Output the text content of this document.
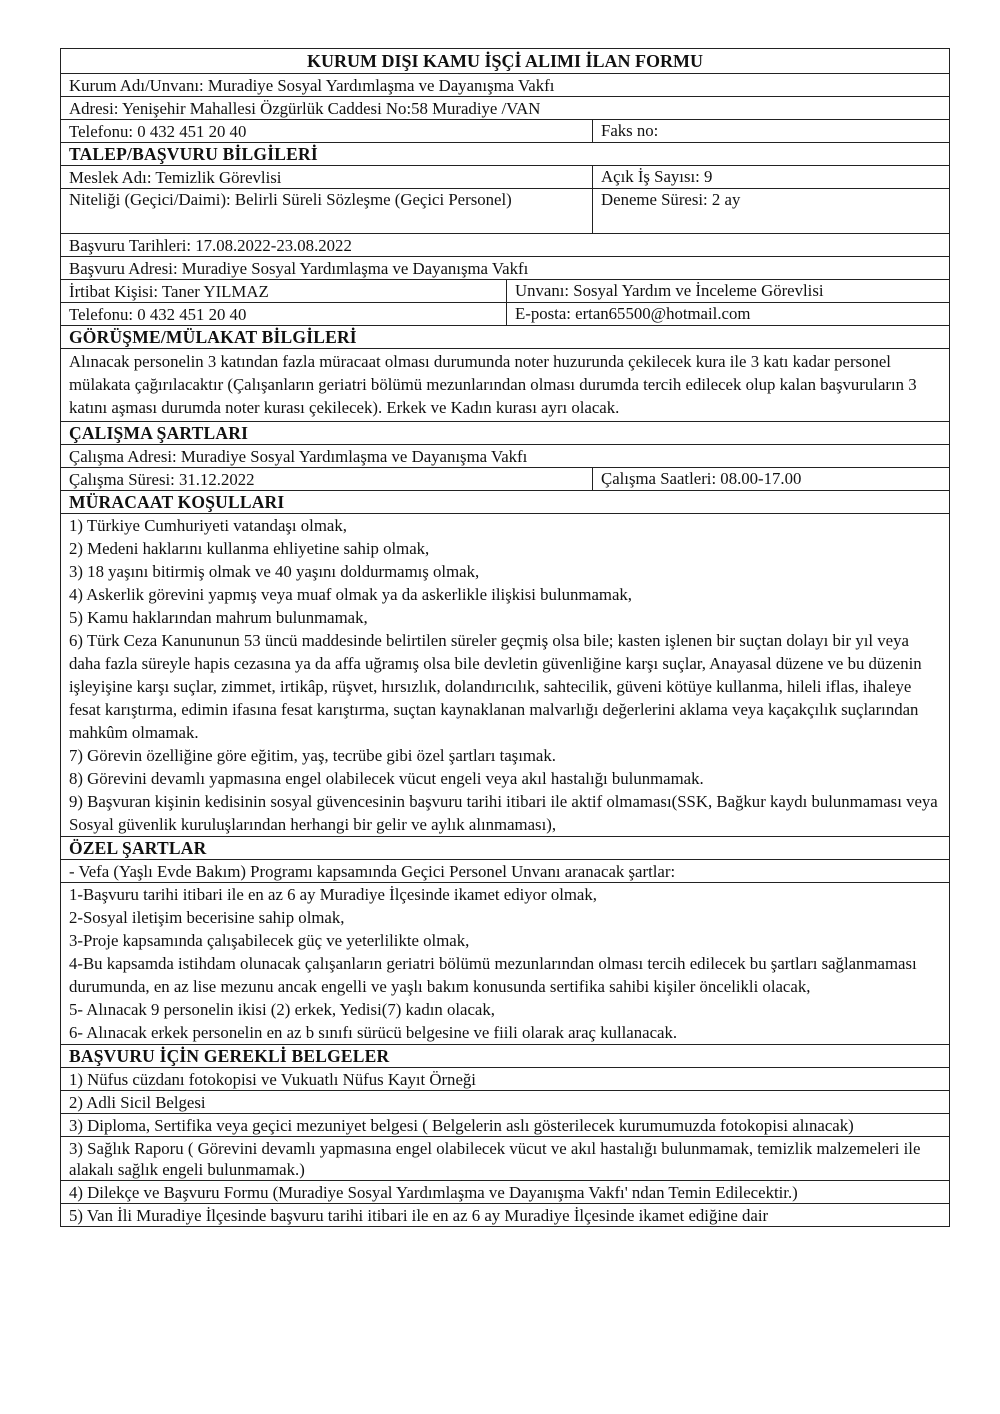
KURUM DIŞI KAMU İŞÇİ ALIMI İLAN FORMU
Kurum Adı/Unvanı: Muradiye Sosyal Yardımlaşma ve Dayanışma Vakfı
Adresi: Yenişehir Mahallesi Özgürlük Caddesi No:58 Muradiye /VAN
Telefonu: 0 432 451 20 40	Faks no:
TALEP/BAŞVURU BİLGİLERİ
Meslek Adı: Temizlik Görevlisi	Açık İş Sayısı: 9
Niteliği (Geçici/Daimi): Belirli Süreli Sözleşme (Geçici Personel)	Deneme Süresi: 2 ay
Başvuru Tarihleri: 17.08.2022-23.08.2022
Başvuru Adresi: Muradiye Sosyal Yardımlaşma ve Dayanışma Vakfı
İrtibat Kişisi: Taner YILMAZ	Unvanı: Sosyal Yardım ve İnceleme Görevlisi
Telefonu: 0 432 451 20 40	E-posta: ertan65500@hotmail.com
GÖRÜŞME/MÜLAKAT BİLGİLERİ
Alınacak personelin 3 katından fazla müracaat olması durumunda noter huzurunda çekilecek kura ile 3 katı kadar personel mülakata çağırılacaktır (Çalışanların geriatri bölümü mezunlarından olması durumda tercih edilecek olup kalan başvuruların 3 katını aşması durumda noter kurası çekilecek). Erkek ve Kadın kurası ayrı olacak.
ÇALIŞMA ŞARTLARI
Çalışma Adresi: Muradiye Sosyal Yardımlaşma ve Dayanışma Vakfı
Çalışma Süresi: 31.12.2022	Çalışma Saatleri: 08.00-17.00
MÜRACAAT KOŞULLARI
1) Türkiye Cumhuriyeti vatandaşı olmak,
2) Medeni haklarını kullanma ehliyetine sahip olmak,
3) 18 yaşını bitirmiş olmak ve 40 yaşını doldurmamış olmak,
4) Askerlik görevini yapmış veya muaf olmak ya da askerlikle ilişkisi bulunmamak,
5) Kamu haklarından mahrum bulunmamak,
6) Türk Ceza Kanununun 53 üncü maddesinde belirtilen süreler geçmiş olsa bile; kasten işlenen bir suçtan dolayı bir yıl veya daha fazla süreyle hapis cezasına ya da affa uğramış olsa bile devletin güvenliğine karşı suçlar, Anayasal düzene ve bu düzenin işleyişine karşı suçlar, zimmet, irtikâp, rüşvet, hırsızlık, dolandırıcılık, sahtecilik, güveni kötüye kullanma, hileli iflas, ihaleye fesat karıştırma, edimin ifasına fesat karıştırma, suçtan kaynaklanan malvarlığı değerlerini aklama veya kaçakçılık suçlarından mahkûm olmamak.
7) Görevin özelliğine göre eğitim, yaş, tecrübe gibi özel şartları taşımak.
8) Görevini devamlı yapmasına engel olabilecek vücut engeli veya akıl hastalığı bulunmamak.
9) Başvuran kişinin kedisinin sosyal güvencesinin başvuru tarihi itibari ile aktif olmaması(SSK, Bağkur kaydı bulunmaması veya Sosyal güvenlik kuruluşlarından herhangi bir gelir ve aylık alınmaması),
ÖZEL ŞARTLAR
- Vefa (Yaşlı Evde Bakım) Programı kapsamında Geçici Personel Unvanı aranacak şartlar:
1-Başvuru tarihi itibari ile en az 6 ay Muradiye İlçesinde ikamet ediyor olmak,
2-Sosyal iletişim becerisine sahip olmak,
3-Proje kapsamında çalışabilecek güç ve yeterlilikte olmak,
4-Bu kapsamda istihdam olunacak çalışanların geriatri bölümü mezunlarından olması tercih edilecek bu şartları sağlanmaması durumunda, en az lise mezunu ancak engelli ve yaşlı bakım konusunda sertifika sahibi kişiler öncelikli olacak,
5- Alınacak 9 personelin ikisi (2) erkek, Yedisi(7) kadın olacak,
6- Alınacak erkek personelin en az b sınıfı sürücü belgesine ve fiili olarak araç kullanacak.
BAŞVURU İÇİN GEREKLİ BELGELER
1) Nüfus cüzdanı fotokopisi ve Vukuatlı Nüfus Kayıt Örneği
2) Adli Sicil Belgesi
3) Diploma, Sertifika veya geçici mezuniyet belgesi ( Belgelerin aslı gösterilecek kurumumuzda fotokopisi alınacak)
3) Sağlık Raporu ( Görevini devamlı yapmasına engel olabilecek vücut ve akıl hastalığı bulunmamak, temizlik malzemeleri ile alakalı sağlık engeli bulunmamak.)
4) Dilekçe ve Başvuru Formu (Muradiye Sosyal Yardımlaşma ve Dayanışma Vakfı' ndan Temin Edilecektir.)
5) Van İli Muradiye İlçesinde başvuru tarihi itibari ile en az 6 ay Muradiye İlçesinde ikamet ediğine dair
